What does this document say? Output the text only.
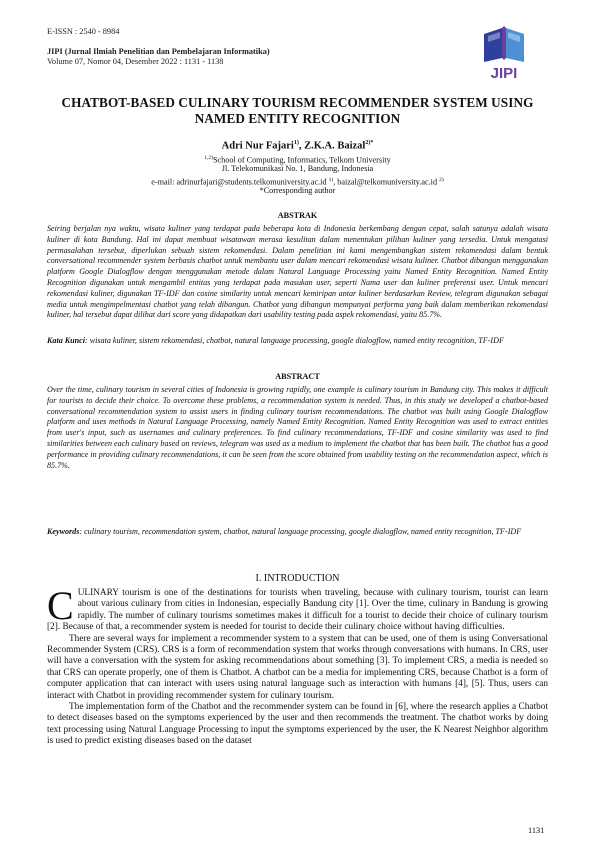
E-ISSN : 2540 - 8984
JIPI (Jurnal Ilmiah Penelitian dan Pembelajaran Informatika)
Volume 07, Nomor 04, Desember 2022 : 1131 - 1138
JIPI
CHATBOT-BASED CULINARY TOURISM RECOMMENDER SYSTEM USING NAMED ENTITY RECOGNITION
Adri Nur Fajari$^{1)}$, Z.K.A. Baizal$^{2)*}$
$^{1,2)}$School of Computing, Informatics, Telkom University
Jl. Telekomunikasi No. 1, Bandung, Indonesia
e-mail: adrinurfajari@students.telkomuniversity.ac.id $^{1)}$, baizal@telkomuniversity.ac.id $^{2)}$
*Corresponding author
ABSTRAK
Seiring berjalan nya waktu, wisata kuliner yang terdapat pada beberapa kota di Indonesia berkembang dengan cepat, salah satunya adalah wisata kuliner di kota Bandung. Hal ini dapat membuat wisatawan merasa kesulitan dalam menentukan pilihan kuliner yang tersedia. Untuk mengatasi permasalahan tersebut, diperlukan sebuah sistem rekomendasi. Dalam penelitian ini kami mengembangkan sistem rekomendasi dalam bentuk conversational recommender system berbasis chatbot untuk membantu user dalam mencari rekomendasi wisata kuliner. Chatbot dibangun menggunakan platform Google Dialogflow dengan menggunakan metode dalam Natural Language Processing yaitu Named Entity Recognition. Named Entity Recognition digunakan untuk mengambil entitas yang terdapat pada masukan user, seperti Nama user dan kuliner preferensi user. Untuk mencari rekomendasi kuliner, digunakan TF-IDF dan cosine similarity untuk mencari kemiripan antar kuliner berdasarkan Review, telegram digunakan sebagai media untuk mengimpelmentasi chatbot yang telah dibangun. Chatbot yang dibangun mempunyai performa yang baik dalam memberikan rekomendasi kuliner, hal tersebut dapat dilihat dari score yang didapatkan dari usability testing pada aspek rekomendasi, yaitu 85.7%.
Kata Kunci: wisata kuliner, sistem rekomendasi, chatbot, natural language processing, google dialogflow, named entity recognition, TF-IDF
ABSTRACT
Over the time, culinary tourism in several cities of Indonesia is growing rapidly, one example is culinary tourism in Bandung city. This makes it difficult for tourists to decide their choice. To overcome these problems, a recommendation system is needed. Thus, in this study we developed a chatbot-based conversational recommendation system to assist users in finding culinary tourism recommendations. The chatbot was built using Google Dialogflow platform and uses methods in Natural Language Processing, namely Named Entity Recognition. Named Entity Recognition was used to extract entities from user's input, such as usernames and culinary preferences. To find culinary recommendations, TF-IDF and cosine similarity was used to find similarities between each culinary based on reviews, telegram was used as a medium to implement the chatbot that has been built. The chatbot has a good performance in providing culinary recommendations, it can be seen from the score obtained from usability testing on the recommendation aspect, which is 85.7%.
Keywords: culinary tourism, recommendation system, chatbot, natural language processing, google dialogflow, named entity recognition, TF-IDF
I. INTRODUCTION

CULINARY tourism is one of the destinations for tourists when traveling, because with culinary tourism, tourist can learn about various culinary from cities in Indonesian, especially Bandung city [1]. Over the time, culinary in Bandung is growing rapidly. The number of culinary tourisms sometimes makes it difficult for a tourist to decide their choice of culinary tourism [2]. Because of that, a recommender system is needed for tourist to decide their culinary choice without having difficulties.

There are several ways for implement a recommender system to a system that can be used, one of them is using Conversational Recommender System (CRS). CRS is a form of recommendation system that works through conversations with humans. In CRS, user will have a conversation with the system for asking recommendations about something [3]. To implement CRS, a media is needed so that CRS can operate properly, one of them is Chatbot. A chatbot can be a media for implementing CRS, because Chatbot is a form of computer application that can interact with users using natural language such as interaction with humans [4], [5]. Thus, users can interact with Chatbot in providing recommender system for culinary tourism.

The implementation form of the Chatbot and the recommender system can be found in [6], where the research applies a Chatbot to detect diseases based on the symptoms experienced by the user and then recommends the treatment. The chatbot works by doing text processing using Natural Language Processing to input the symptoms experienced by the user, the K Nearest Neighbor algorithm is used to predict existing diseases based on the dataset

1131
